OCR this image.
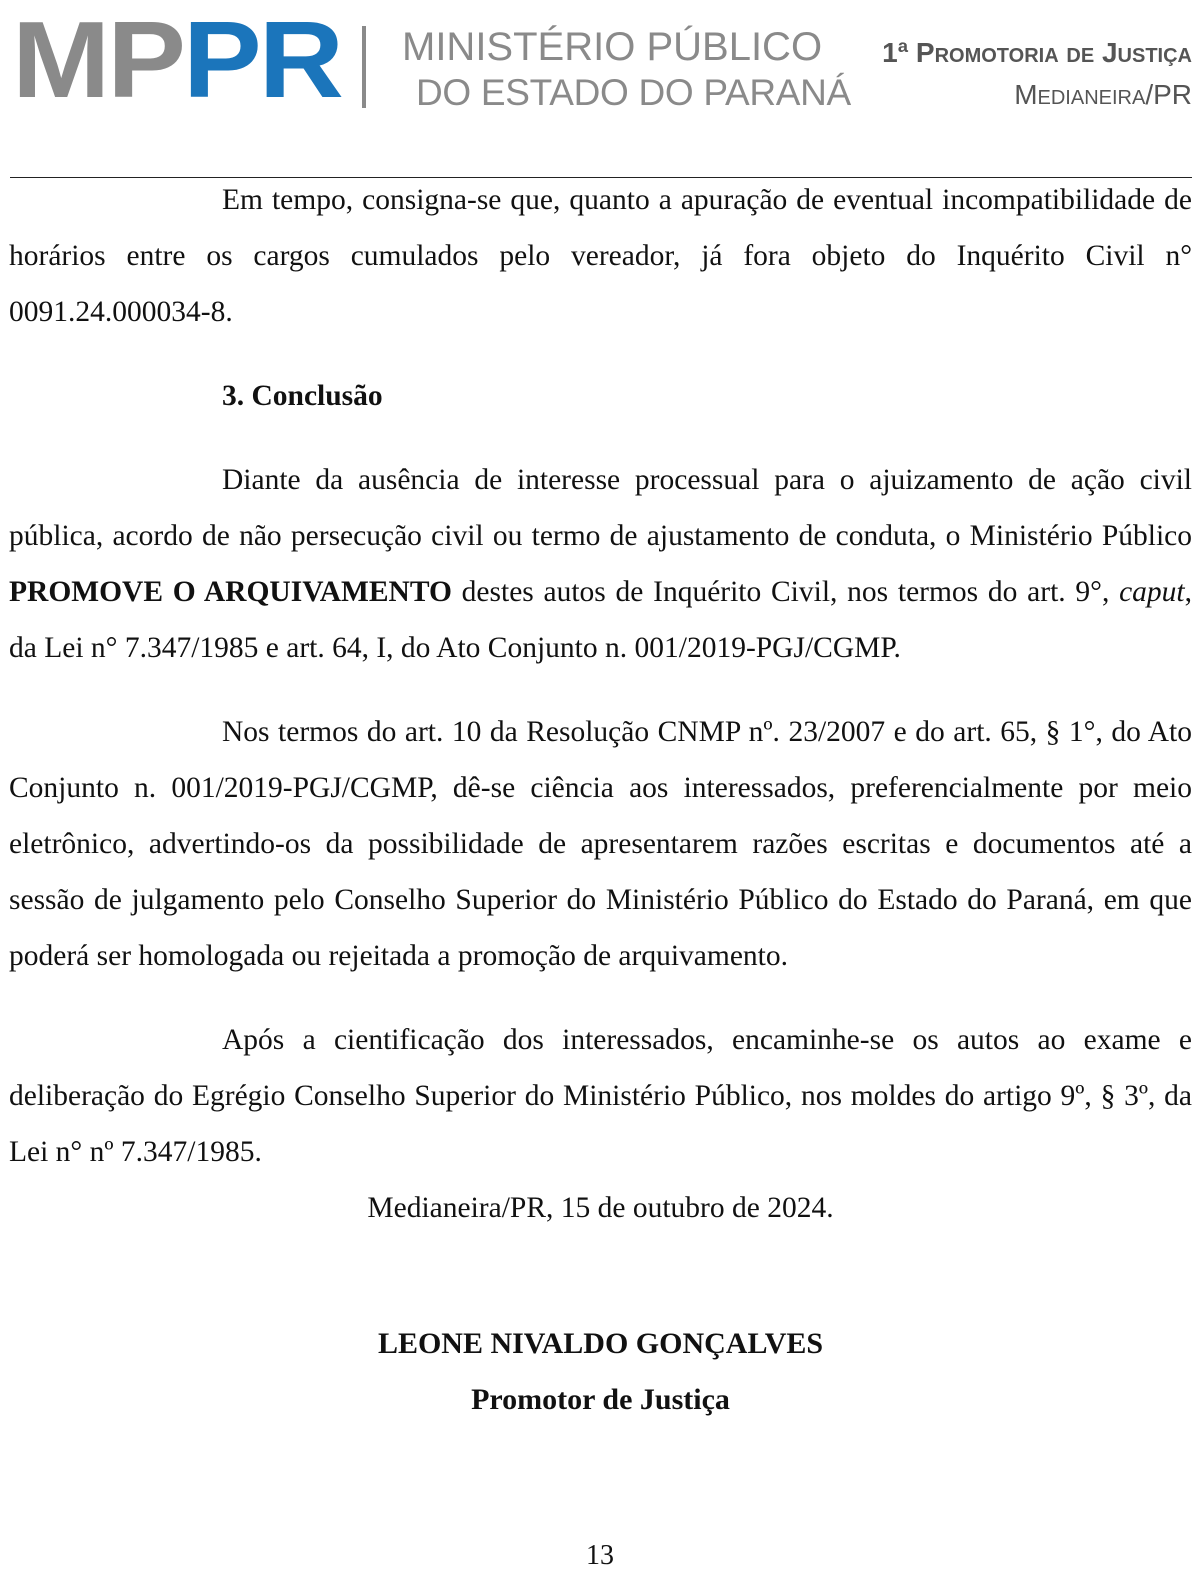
MPPR MINISTÉRIO PÚBLICO
DO ESTADO DO PARANÁ
1ª Promotoria de Justiça
Medianeira/PR

Em tempo, consigna-se que, quanto a apuração de eventual incompatibilidade de horários entre os cargos cumulados pelo vereador, já fora objeto do Inquérito Civil n° 0091.24.000034-8.

3. Conclusão

Diante da ausência de interesse processual para o ajuizamento de ação civil pública, acordo de não persecução civil ou termo de ajustamento de conduta, o Ministério Público PROMOVE O ARQUIVAMENTO destes autos de Inquérito Civil, nos termos do art. 9°, caput, da Lei n° 7.347/1985 e art. 64, I, do Ato Conjunto n. 001/2019-PGJ/CGMP.

Nos termos do art. 10 da Resolução CNMP nº. 23/2007 e do art. 65, § 1°, do Ato Conjunto n. 001/2019-PGJ/CGMP, dê-se ciência aos interessados, preferencialmente por meio eletrônico, advertindo-os da possibilidade de apresentarem razões escritas e documentos até a sessão de julgamento pelo Conselho Superior do Ministério Público do Estado do Paraná, em que poderá ser homologada ou rejeitada a promoção de arquivamento.

Após a cientificação dos interessados, encaminhe-se os autos ao exame e deliberação do Egrégio Conselho Superior do Ministério Público, nos moldes do artigo 9º, § 3º, da Lei n° nº 7.347/1985.

Medianeira/PR, 15 de outubro de 2024.

LEONE NIVALDO GONÇALVES
Promotor de Justiça
13
